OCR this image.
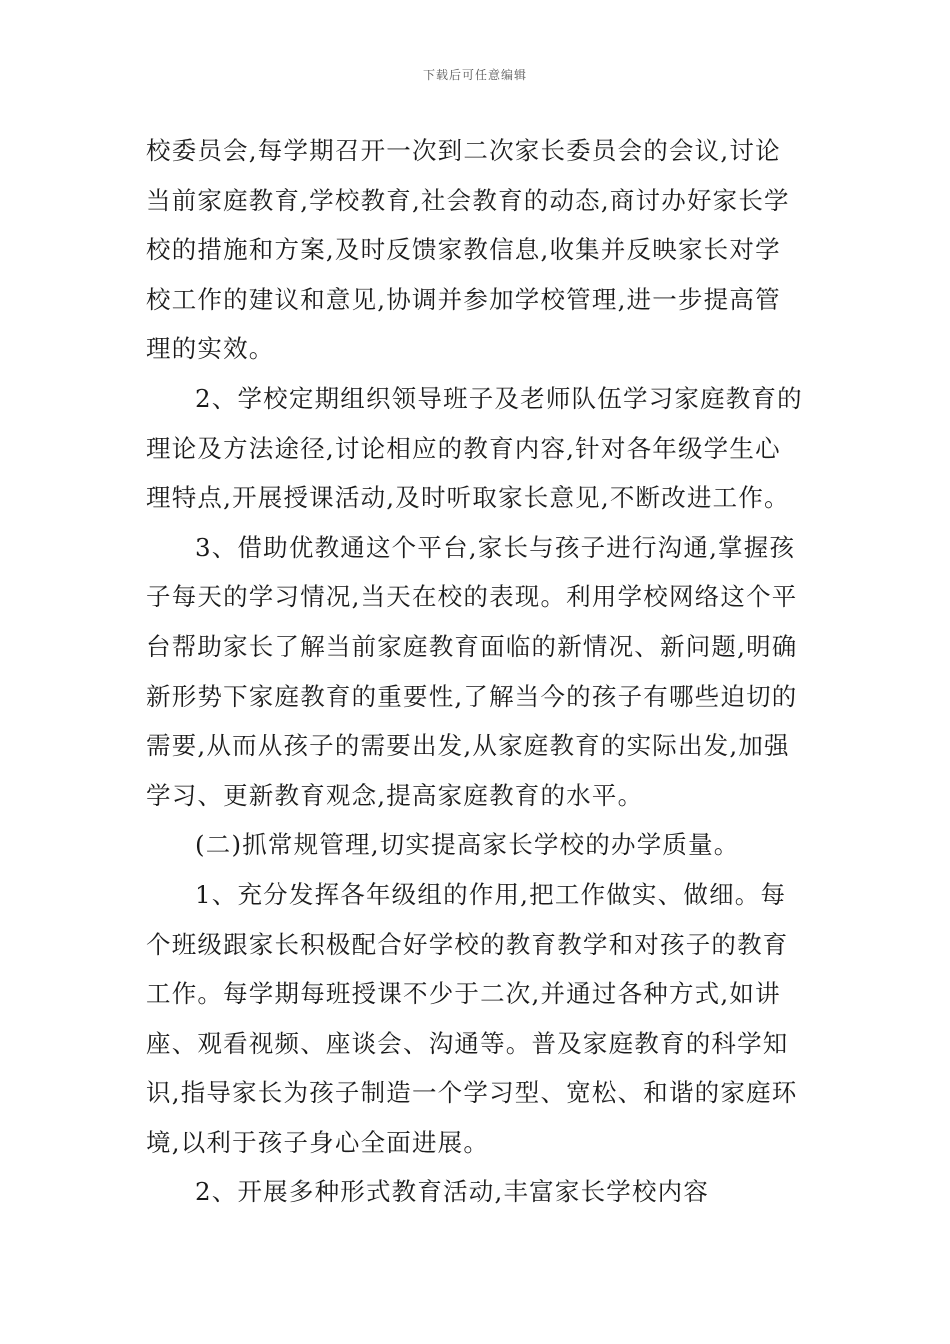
下载后可任意编辑
校委员会,每学期召开一次到二次家长委员会的会议,讨论
当前家庭教育,学校教育,社会教育的动态,商讨办好家长学
校的措施和方案,及时反馈家教信息,收集并反映家长对学
校工作的建议和意见,协调并参加学校管理,进一步提高管
理的实效。
2、学校定期组织领导班子及老师队伍学习家庭教育的
理论及方法途径,讨论相应的教育内容,针对各年级学生心
理特点,开展授课活动,及时听取家长意见,不断改进工作。
3、借助优教通这个平台,家长与孩子进行沟通,掌握孩
子每天的学习情况,当天在校的表现。利用学校网络这个平
台帮助家长了解当前家庭教育面临的新情况、新问题,明确
新形势下家庭教育的重要性,了解当今的孩子有哪些迫切的
需要,从而从孩子的需要出发,从家庭教育的实际出发,加强
学习、更新教育观念,提高家庭教育的水平。
(二)抓常规管理,切实提高家长学校的办学质量。
1、充分发挥各年级组的作用,把工作做实、做细。每
个班级跟家长积极配合好学校的教育教学和对孩子的教育
工作。每学期每班授课不少于二次,并通过各种方式,如讲
座、观看视频、座谈会、沟通等。普及家庭教育的科学知
识,指导家长为孩子制造一个学习型、宽松、和谐的家庭环
境,以利于孩子身心全面进展。
2、开展多种形式教育活动,丰富家长学校内容
